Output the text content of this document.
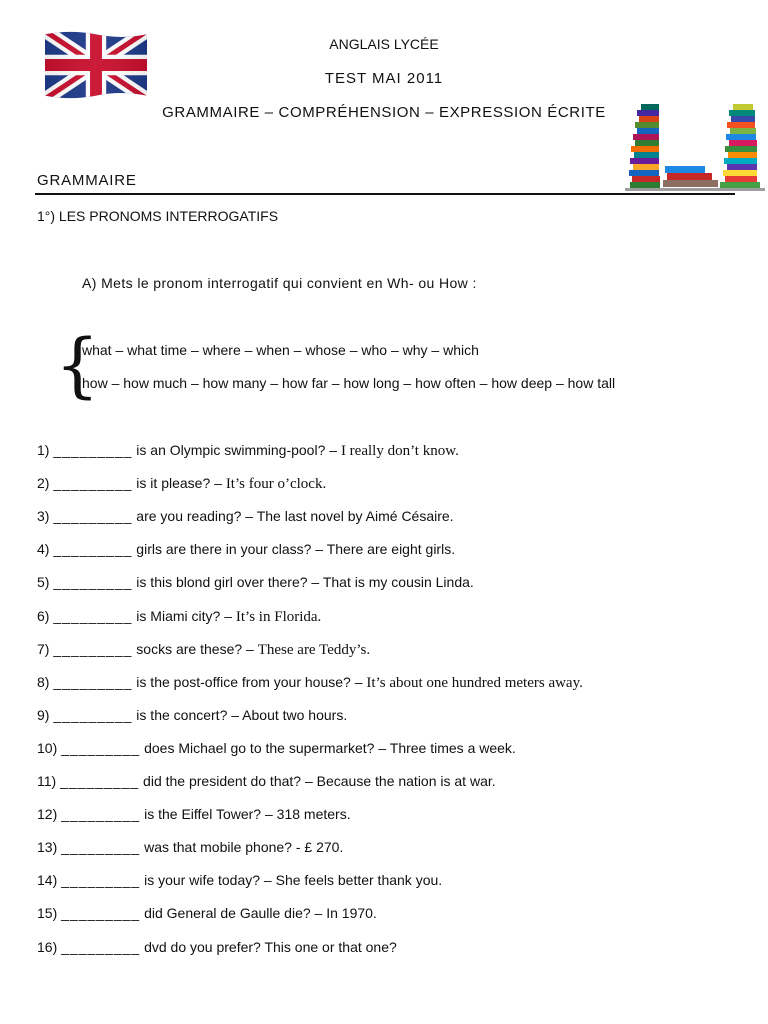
ANGLAIS LYCÉE
TEST MAI 2011
GRAMMAIRE – COMPRÉHENSION – EXPRESSION ÉCRITE
GRAMMAIRE
1°) LES PRONOMS INTERROGATIFS
A) Mets le pronom interrogatif qui convient en Wh- ou How :
{
what – what time – where – when – whose – who – why – which
how – how much – how many – how far – how long – how often – how deep – how tall
1) _________ is an Olympic swimming-pool? – I really don’t know.
2) _________ is it please? – It’s four o’clock.
3) _________ are you reading? – The last novel by Aimé Césaire.
4) _________ girls are there in your class? – There are eight girls.
5) _________ is this blond girl over there? – That is my cousin Linda.
6) _________ is Miami city? – It’s in Florida.
7) _________ socks are these? – These are Teddy’s.
8) _________ is the post-office from your house? – It’s about one hundred meters away.
9) _________ is the concert? – About two hours.
10) _________ does Michael go to the supermarket? – Three times a week.
11) _________ did the president do that? – Because the nation is at war.
12) _________ is the Eiffel Tower? – 318 meters.
13) _________ was that mobile phone? - £ 270.
14) _________ is your wife today? – She feels better thank you.
15) _________ did General de Gaulle die? – In 1970.
16) _________ dvd do you prefer? This one or that one?
